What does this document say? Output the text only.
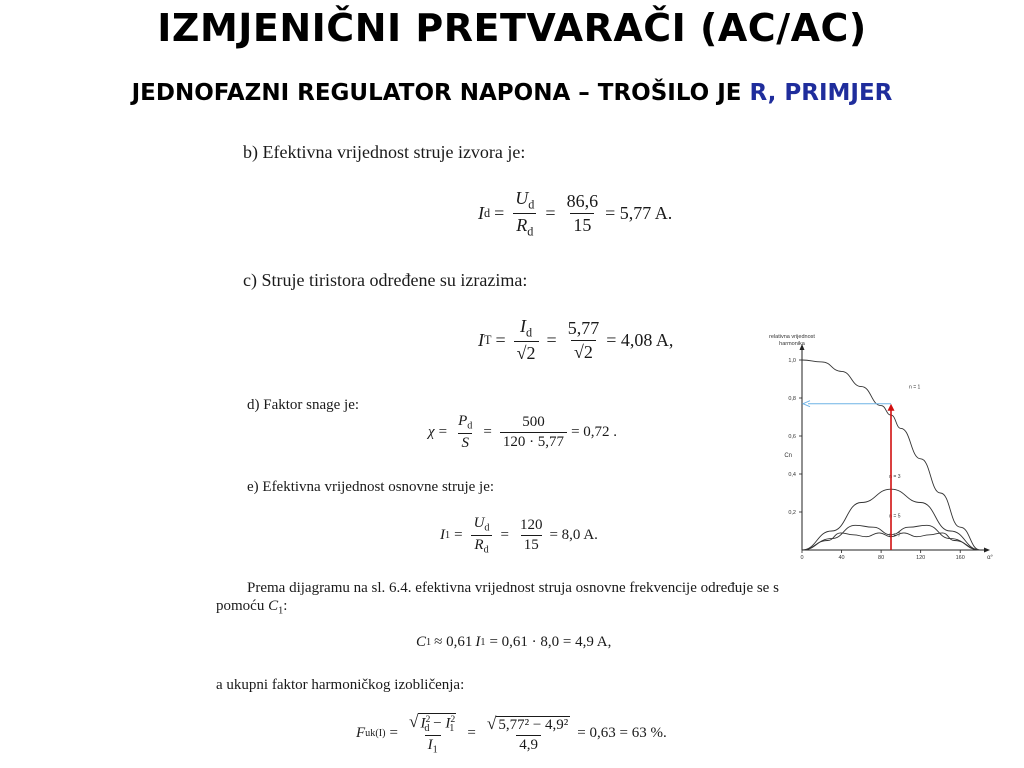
IZMJENIČNI PRETVARAČI (AC/AC)
JEDNOFAZNI REGULATOR NAPONA – TROŠILO JE R, PRIMJER
b) Efektivna vrijednost struje izvora je:
I $d = \frac{U_d}{R_d} = \frac{86,6}{15} = 5,77$ A.
c) Struje tiristora određene su izrazima:
I $T = \frac{I_d}{√2} = \frac{5,77}{√2} = 4,08$ A,
d) Faktor snage je:
$\chi = \frac{P_d}{S} = \frac{500}{120 \cdot 5,77} = 0,72$ .
e) Efektivna vrijednost osnovne struje je:
I $1 = \frac{U_d}{R_d} = \frac{120}{15} = 8,0$ A.
Prema dijagramu na sl. 6.4. efektivna vrijednost struja osnovne frekvencije određuje se s
pomoću $C_1$:
C 1 ≈ 0,61 I 1 = 0,61 · 8,0 = 4,9 A,
a ukupni faktor harmoničkog izobličenja:
F $uk(I) = \frac{√ I^2_d - I^2_1}{I_1} = \frac{\text{√ 5,77² − 4,9²}}{4,9} = 0,63 = 63$ %.
relativna vrijednost
harmonika
0,2
0,4
0,6
0,8
1,0
Cn
0	40	80	120	160	α°
n = 1
n = 3
n = 5
n = 7
